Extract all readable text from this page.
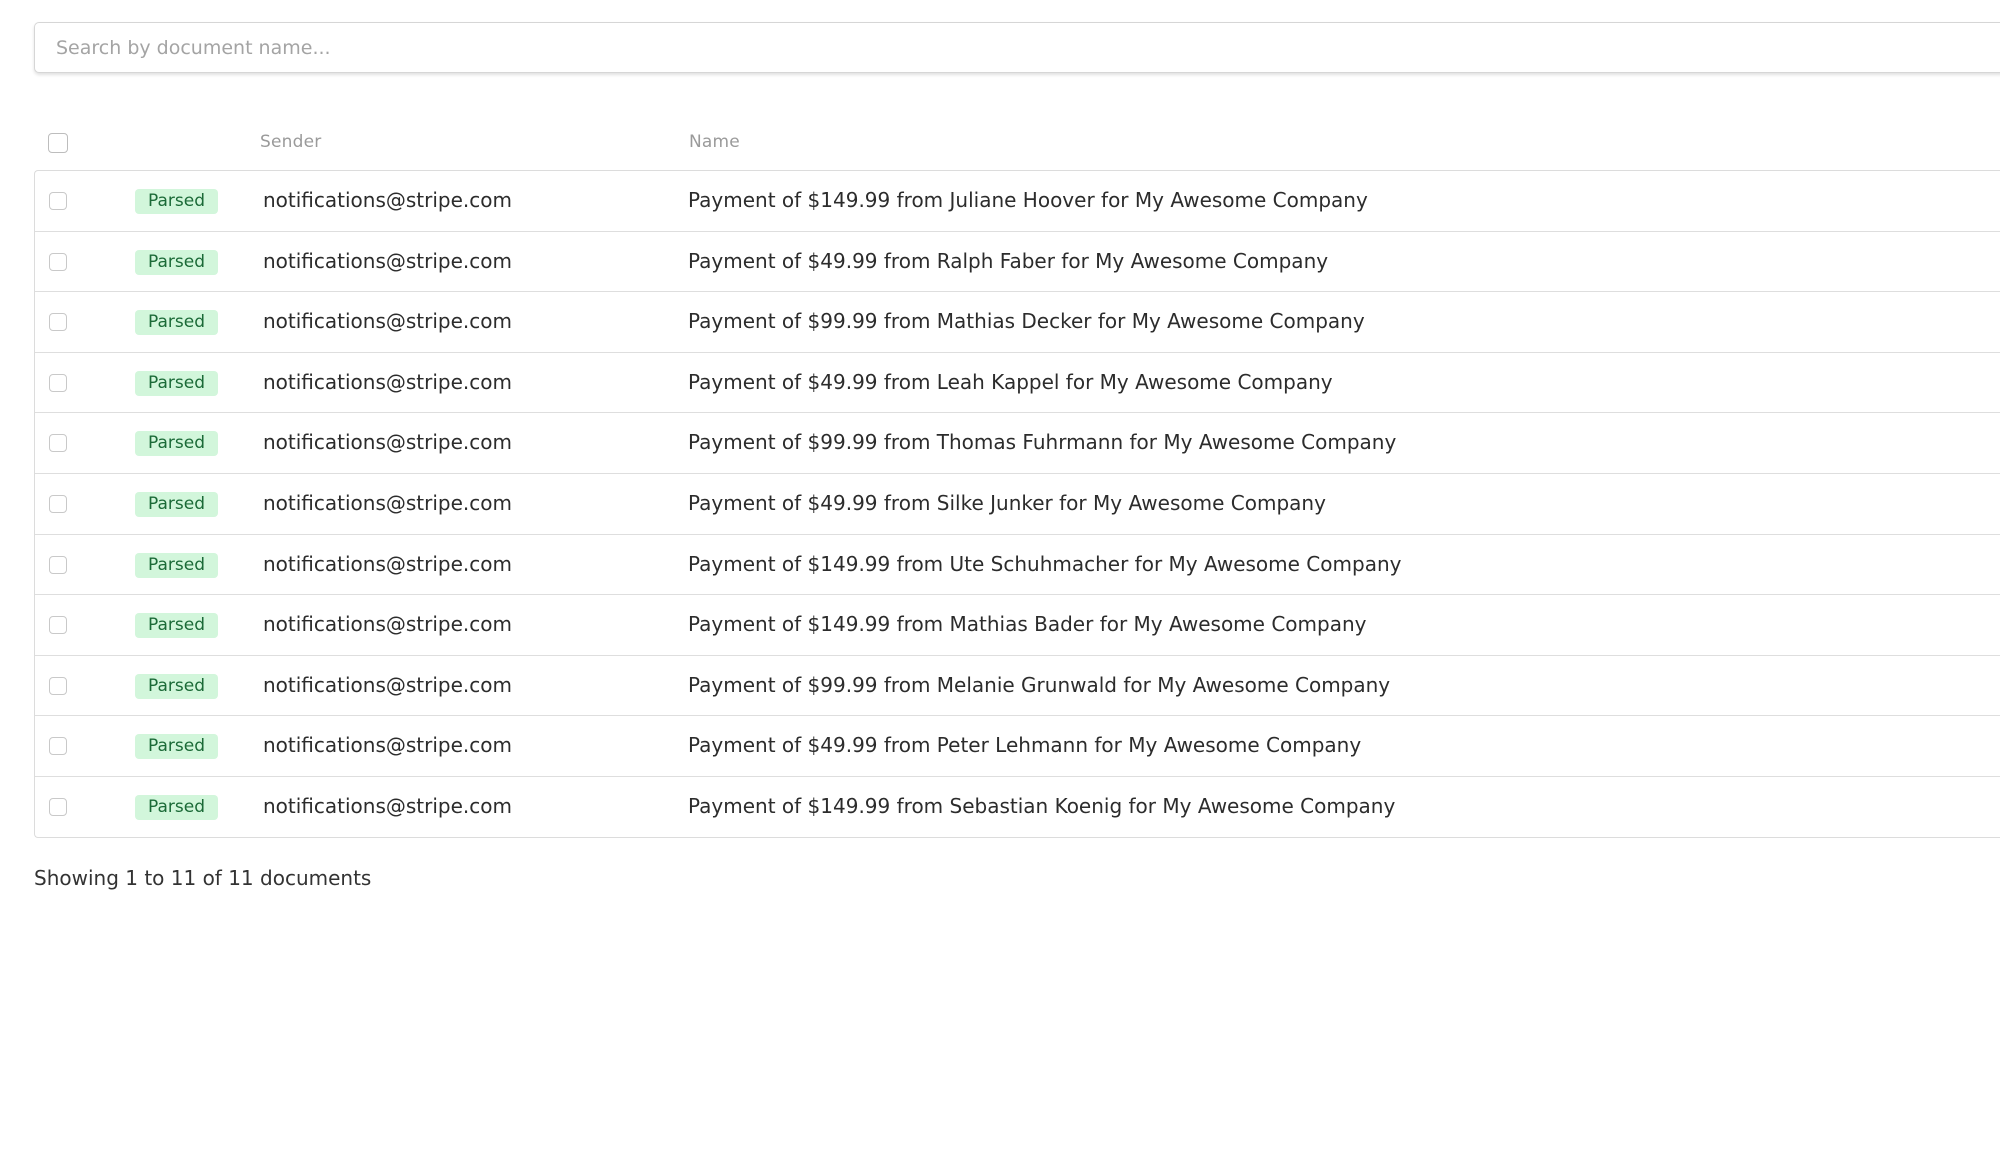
Search by document name...
Sender	Name
Parsed	notifications@stripe.com	Payment of $149.99 from Juliane Hoover for My Awesome Company
Parsed	notifications@stripe.com	Payment of $49.99 from Ralph Faber for My Awesome Company
Parsed	notifications@stripe.com	Payment of $99.99 from Mathias Decker for My Awesome Company
Parsed	notifications@stripe.com	Payment of $49.99 from Leah Kappel for My Awesome Company
Parsed	notifications@stripe.com	Payment of $99.99 from Thomas Fuhrmann for My Awesome Company
Parsed	notifications@stripe.com	Payment of $49.99 from Silke Junker for My Awesome Company
Parsed	notifications@stripe.com	Payment of $149.99 from Ute Schuhmacher for My Awesome Company
Parsed	notifications@stripe.com	Payment of $149.99 from Mathias Bader for My Awesome Company
Parsed	notifications@stripe.com	Payment of $99.99 from Melanie Grunwald for My Awesome Company
Parsed	notifications@stripe.com	Payment of $49.99 from Peter Lehmann for My Awesome Company
Parsed	notifications@stripe.com	Payment of $149.99 from Sebastian Koenig for My Awesome Company
Showing 1 to 11 of 11 documents
